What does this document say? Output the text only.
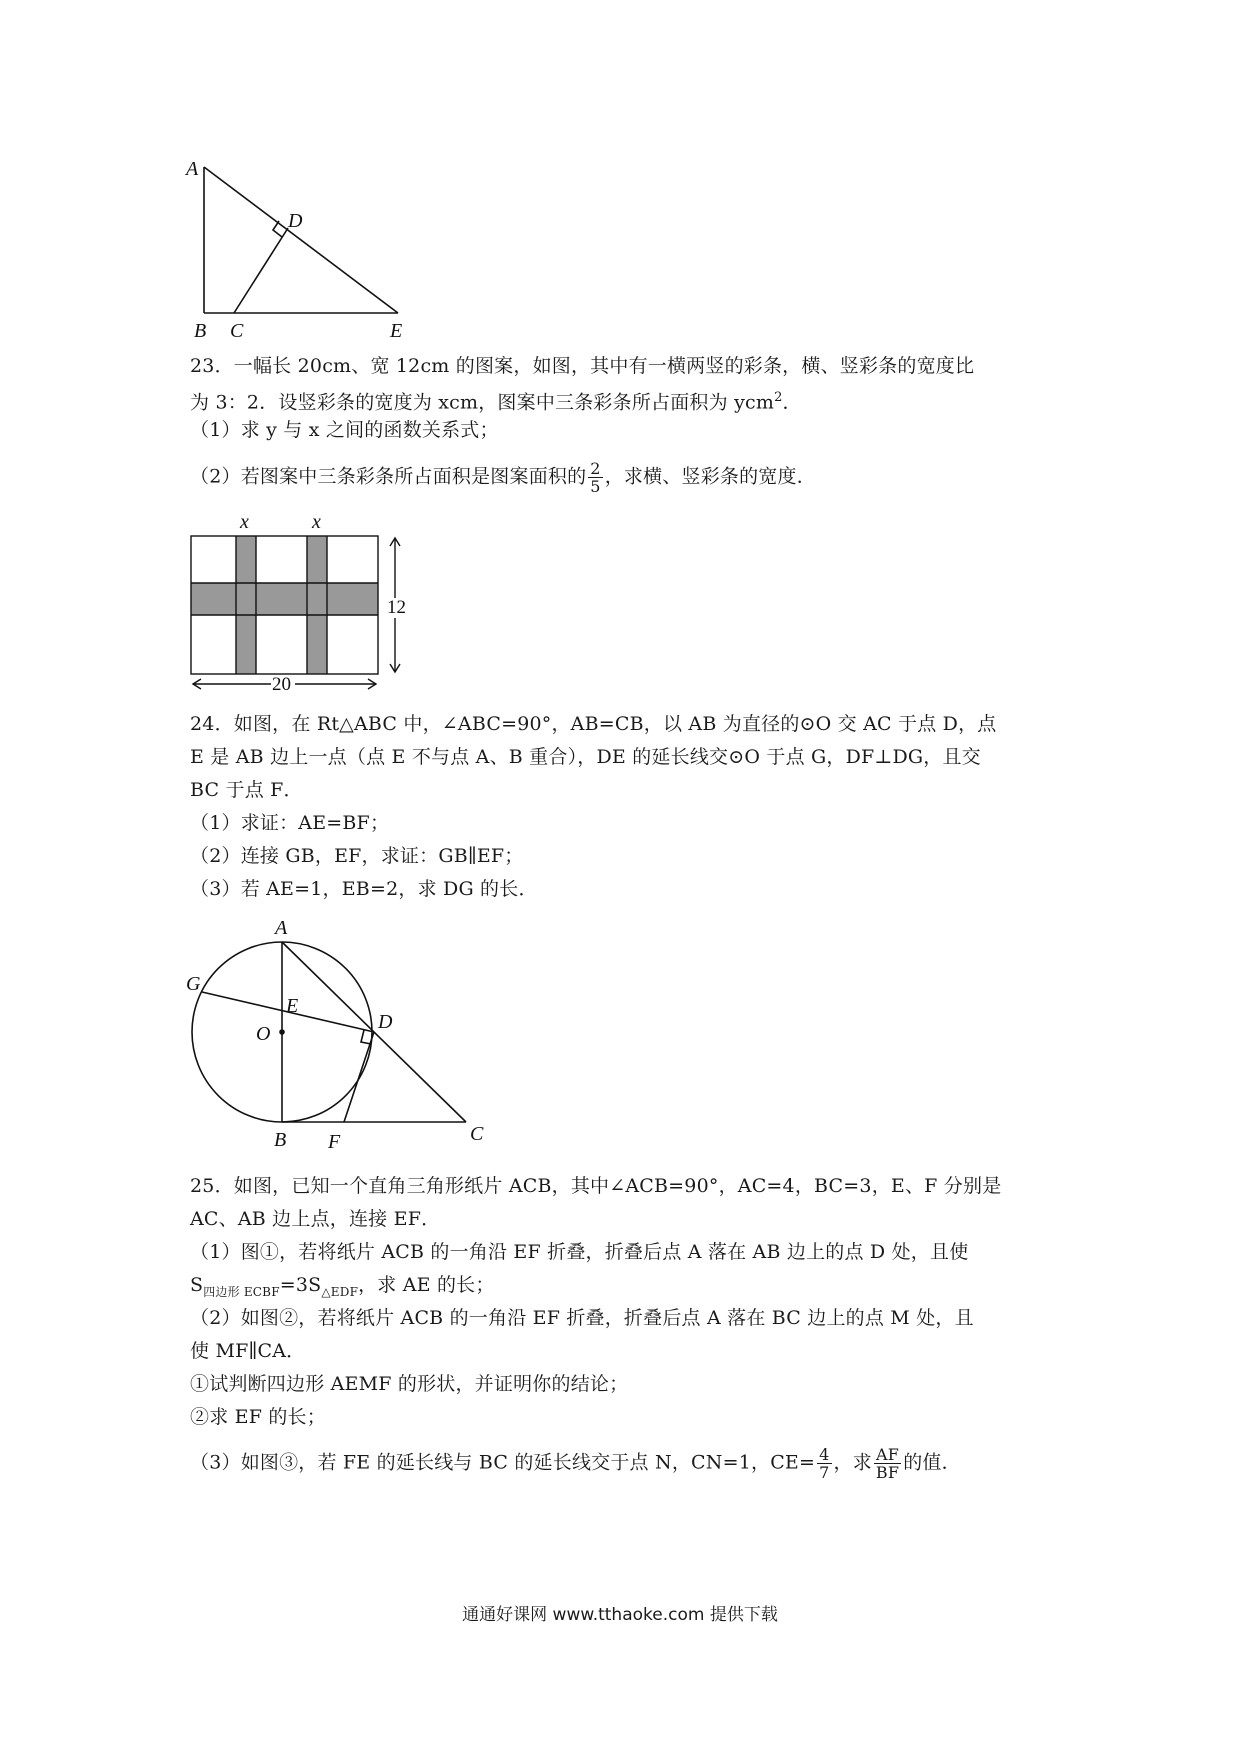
A
B C
D
E
23．一幅长 20cm、宽 12cm 的图案，如图，其中有一横两竖的彩条，横、竖彩条的宽度比
为 3：2．设竖彩条的宽度为 xcm，图案中三条彩条所占面积为 ycm$^2$．
（1）求 y 与 x 之间的函数关系式；
（2）若图案中三条彩条所占面积是图案面积的 $\frac{2}{5}$ ，求横、竖彩条的宽度．
x	x
12
20
24．如图，在 Rt△ABC 中，∠ABC=90°，AB=CB，以 AB 为直径的⊙O 交 AC 于点 D，点
E 是 AB 边上一点（点 E 不与点 A、B 重合），DE 的延长线交⊙O 于点 G，DF⊥DG，且交
BC 于点 F．
（1）求证：AE=BF；
（2）连接 GB，EF，求证：GB∥EF；
（3）若 AE=1，EB=2，求 DG 的长．
A
G
E
O
D
B F	C
25．如图，已知一个直角三角形纸片 ACB，其中∠ACB=90°，AC=4，BC=3，E、F 分别是
AC、AB 边上点，连接 EF．
（1）图①，若将纸片 ACB 的一角沿 EF 折叠，折叠后点 A 落在 AB 边上的点 D 处，且使
$S_{四边形 ECBF}=3S_{\triangle EDF}$，求 AE 的长；
（2）如图②，若将纸片 ACB 的一角沿 EF 折叠，折叠后点 A 落在 BC 边上的点 M 处，且
使 MF∥CA．
①试判断四边形 AEMF 的形状，并证明你的结论；
②求 EF 的长；
（3）如图③，若 FE 的延长线与 BC 的延长线交于点 N，CN=1，$CE= \frac{4}{7}$ ，求 $\frac{AF}{BF}$ 的值．
通通好课网 www.tthaoke.com 提供下载
